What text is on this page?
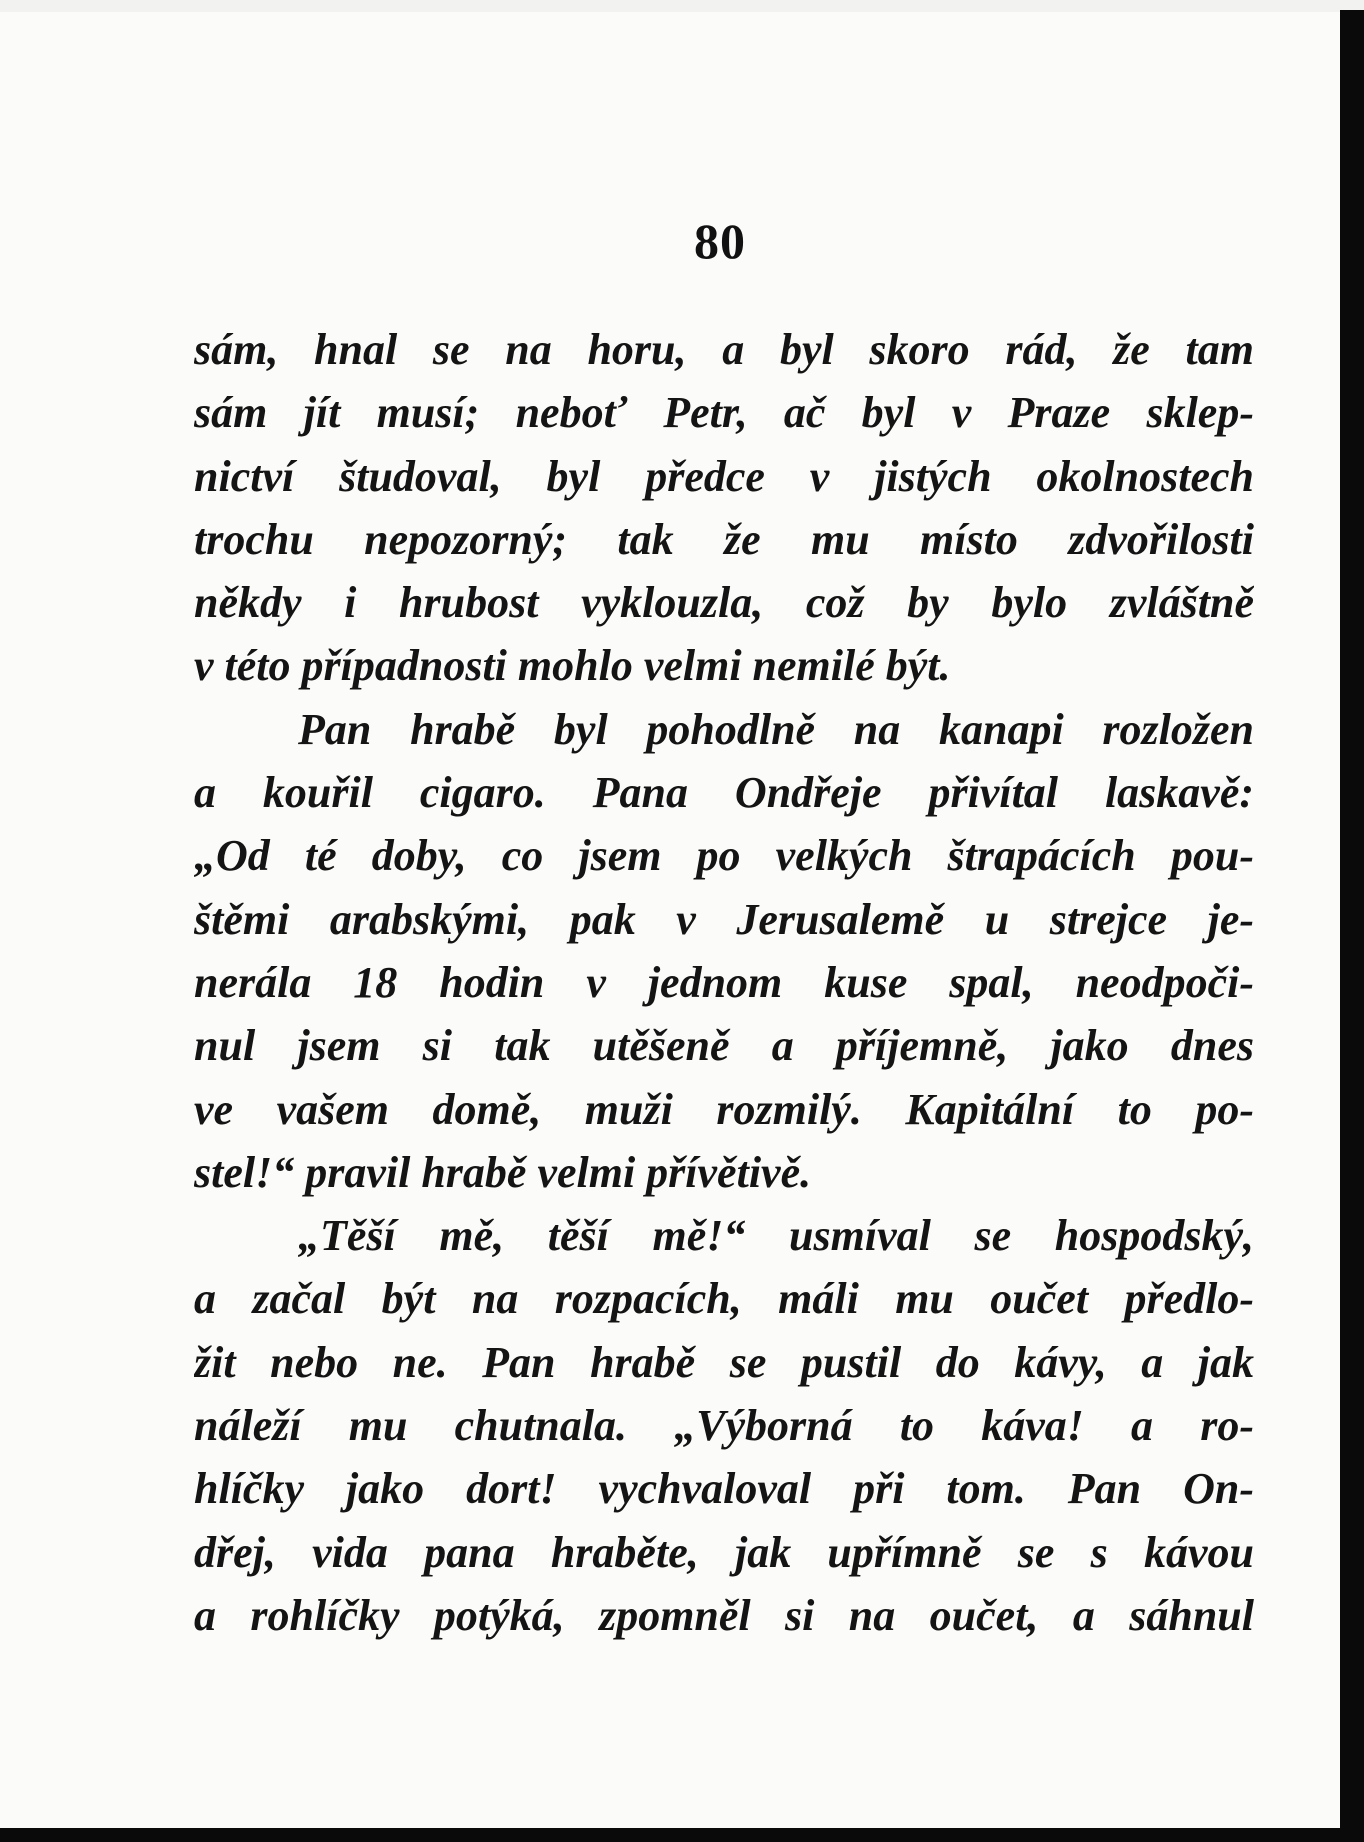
80
sám, hnal se na horu, a byl skoro rád, že tam
sám jít musí; neboť Petr, ač byl v Praze sklep-
nictví študoval, byl předce v jistých okolnostech
trochu nepozorný; tak že mu místo zdvořilosti
někdy i hrubost vyklouzla, což by bylo zvláštně
v této případnosti mohlo velmi nemilé být.
Pan hrabě byl pohodlně na kanapi rozložen
a kouřil cigaro. Pana Ondřeje přivítal laskavě:
„Od té doby, co jsem po velkých štrapácích pou-
štěmi arabskými, pak v Jerusalemě u strejce je-
nerála 18 hodin v jednom kuse spal, neodpoči-
nul jsem si tak utěšeně a příjemně, jako dnes
ve vašem domě, muži rozmilý. Kapitální to po-
stel!“ pravil hrabě velmi přívětivě.
„Těší mě, těší mě!“ usmíval se hospodský,
a začal být na rozpacích, máli mu oučet předlo-
žit nebo ne. Pan hrabě se pustil do kávy, a jak
náleží mu chutnala. „Výborná to káva! a ro-
hlíčky jako dort! vychvaloval při tom. Pan On-
dřej, vida pana hraběte, jak upřímně se s kávou
a rohlíčky potýká, zpomněl si na oučet, a sáhnul
